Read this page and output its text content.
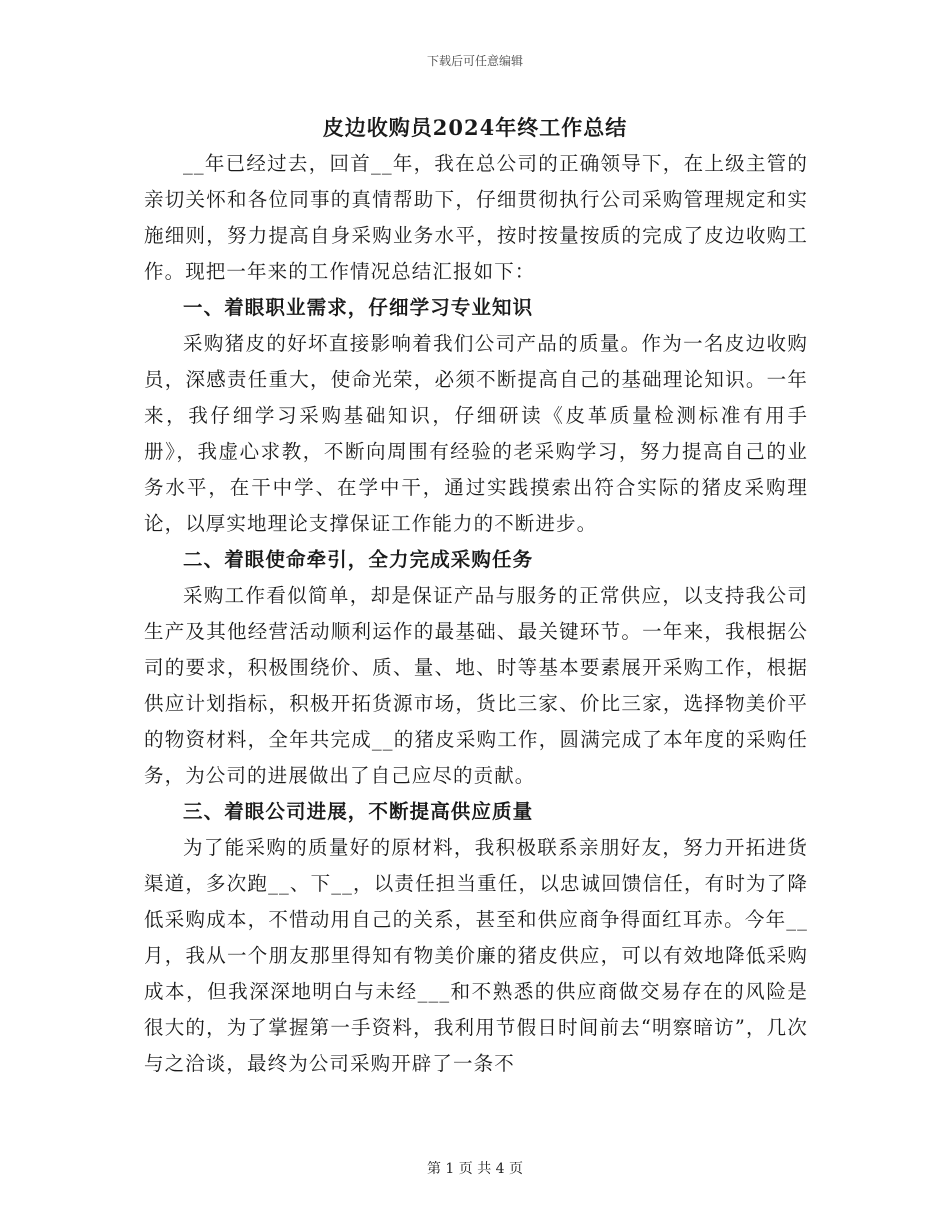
下载后可任意编辑
皮边收购员2024年终工作总结

__年已经过去，回首__年，我在总公司的正确领导下，在上级主管的亲切关怀和各位同事的真情帮助下，仔细贯彻执行公司采购管理规定和实施细则，努力提高自身采购业务水平，按时按量按质的完成了皮边收购工作。现把一年来的工作情况总结汇报如下：

一、着眼职业需求，仔细学习专业知识

采购猪皮的好坏直接影响着我们公司产品的质量。作为一名皮边收购员，深感责任重大，使命光荣，必须不断提高自己的基础理论知识。一年来，我仔细学习采购基础知识，仔细研读《皮革质量检测标准有用手册》，我虚心求教，不断向周围有经验的老采购学习，努力提高自己的业务水平，在干中学、在学中干，通过实践摸索出符合实际的猪皮采购理论，以厚实地理论支撑保证工作能力的不断进步。

二、着眼使命牵引，全力完成采购任务

采购工作看似简单，却是保证产品与服务的正常供应，以支持我公司生产及其他经营活动顺利运作的最基础、最关键环节。一年来，我根据公司的要求，积极围绕价、质、量、地、时等基本要素展开采购工作，根据供应计划指标，积极开拓货源市场，货比三家、价比三家，选择物美价平的物资材料，全年共完成__的猪皮采购工作，圆满完成了本年度的采购任务，为公司的进展做出了自己应尽的贡献。

三、着眼公司进展，不断提高供应质量

为了能采购的质量好的原材料，我积极联系亲朋好友，努力开拓进货渠道，多次跑__、下__，以责任担当重任，以忠诚回馈信任，有时为了降低采购成本，不惜动用自己的关系，甚至和供应商争得面红耳赤。今年__月，我从一个朋友那里得知有物美价廉的猪皮供应，可以有效地降低采购成本，但我深深地明白与未经___和不熟悉的供应商做交易存在的风险是很大的，为了掌握第一手资料，我利用节假日时间前去“明察暗访”，几次与之洽谈，最终为公司采购开辟了一条不

第 1 页 共 4 页
